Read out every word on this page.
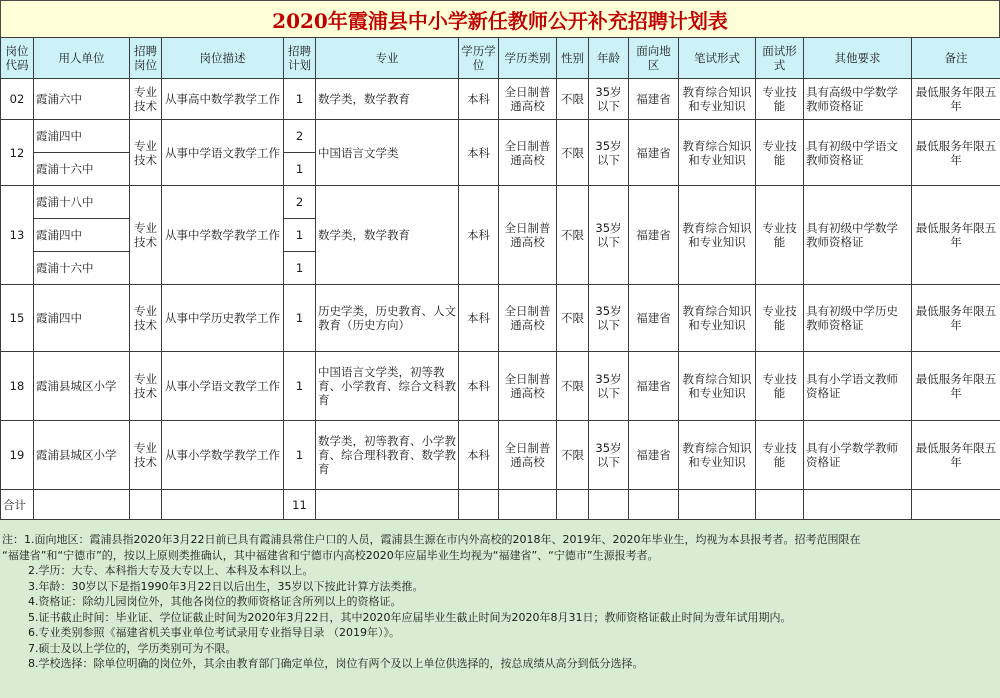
2020年霞浦县中小学新任教师公开补充招聘计划表
岗位代码	用人单位	招聘岗位	岗位描述	招聘计划	专业	学历学位	学历类别	性别	年龄	面向地区	笔试形式	面试形式	其他要求	备注
02	霞浦六中	专业技术	从事高中数学教学工作	1	数学类，数学教育	本科	全日制普通高校	不限	35岁以下	福建省	教育综合知识和专业知识	专业技能	具有高级中学数学教师资格证	最低服务年限五年
12	霞浦四中	专业技术	从事中学语文教学工作	2	中国语言文学类	本科	全日制普通高校	不限	35岁以下	福建省	教育综合知识和专业知识	专业技能	具有初级中学语文教师资格证	最低服务年限五年
	霞浦十六中			1										
13	霞浦十八中	专业技术	从事中学数学教学工作	2	数学类，数学教育	本科	全日制普通高校	不限	35岁以下	福建省	教育综合知识和专业知识	专业技能	具有初级中学数学教师资格证	最低服务年限五年
	霞浦四中			1										
	霞浦十六中			1										
15	霞浦四中	专业技术	从事中学历史教学工作	1	历史学类，历史教育、人文教育（历史方向）	本科	全日制普通高校	不限	35岁以下	福建省	教育综合知识和专业知识	专业技能	具有初级中学历史教师资格证	最低服务年限五年
18	霞浦县城区小学	专业技术	从事小学语文教学工作	1	中国语言文学类，初等教育、小学教育、综合文科教育	本科	全日制普通高校	不限	35岁以下	福建省	教育综合知识和专业知识	专业技能	具有小学语文教师资格证	最低服务年限五年
19	霞浦县城区小学	专业技术	从事小学数学教学工作	1	数学类，初等教育、小学教育、综合理科教育、数学教育	本科	全日制普通高校	不限	35岁以下	福建省	教育综合知识和专业知识	专业技能	具有小学数学教师资格证	最低服务年限五年
合计				11										
注：1.面向地区：霞浦县指2020年3月22日前已具有霞浦县常住户口的人员，霞浦县生源在市内外高校的2018年、2019年、2020年毕业生，均视为本县报考者。招考范围限在
“福建省”和“宁德市”的，按以上原则类推确认，其中福建省和宁德市内高校2020年应届毕业生均视为“福建省”、“宁德市”生源报考者。
2.学历：大专、本科指大专及大专以上、本科及本科以上。
3.年龄：30岁以下是指1990年3月22日以后出生，35岁以下按此计算方法类推。
4.资格证：除幼儿园岗位外，其他各岗位的教师资格证含所列以上的资格证。
5.证书截止时间：毕业证、学位证截止时间为2020年3月22日，其中2020年应届毕业生截止时间为2020年8月31日；教师资格证截止时间为壹年试用期内。
6.专业类别参照《福建省机关事业单位考试录用专业指导目录 （2019年）》。
7.硕士及以上学位的，学历类别可为不限。
8.学校选择：除单位明确的岗位外，其余由教育部门确定单位，岗位有两个及以上单位供选择的，按总成绩从高分到低分选择。
